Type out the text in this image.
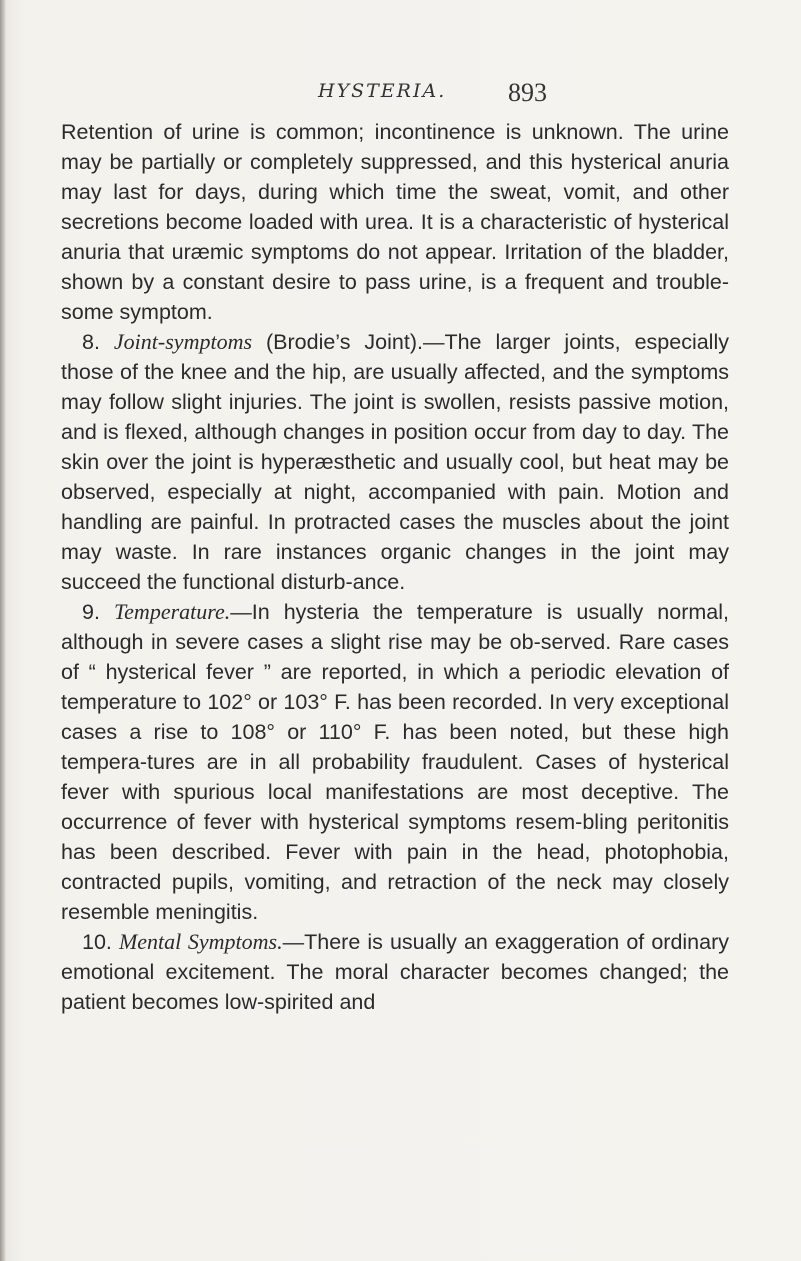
HYSTERIA. 893

Retention of urine is common; incontinence is unknown. The urine may be partially or completely suppressed, and this hysterical anuria may last for days, during which time the sweat, vomit, and other secretions become loaded with urea. It is a characteristic of hysterical anuria that uræmic symptoms do not appear. Irritation of the bladder, shown by a constant desire to pass urine, is a frequent and trouble-some symptom.

8. Joint-symptoms (Brodie’s Joint).—The larger joints, especially those of the knee and the hip, are usually affected, and the symptoms may follow slight injuries. The joint is swollen, resists passive motion, and is flexed, although changes in position occur from day to day. The skin over the joint is hyperæsthetic and usually cool, but heat may be observed, especially at night, accompanied with pain. Motion and handling are painful. In protracted cases the muscles about the joint may waste. In rare instances organic changes in the joint may succeed the functional disturb-ance.

9. Temperature.—In hysteria the temperature is usually normal, although in severe cases a slight rise may be ob-served. Rare cases of “ hysterical fever ” are reported, in which a periodic elevation of temperature to 102° or 103° F. has been recorded. In very exceptional cases a rise to 108° or 110° F. has been noted, but these high tempera-tures are in all probability fraudulent. Cases of hysterical fever with spurious local manifestations are most deceptive. The occurrence of fever with hysterical symptoms resem-bling peritonitis has been described. Fever with pain in the head, photophobia, contracted pupils, vomiting, and retraction of the neck may closely resemble meningitis.

10. Mental Symptoms.—There is usually an exaggeration of ordinary emotional excitement. The moral character becomes changed; the patient becomes low-spirited and
